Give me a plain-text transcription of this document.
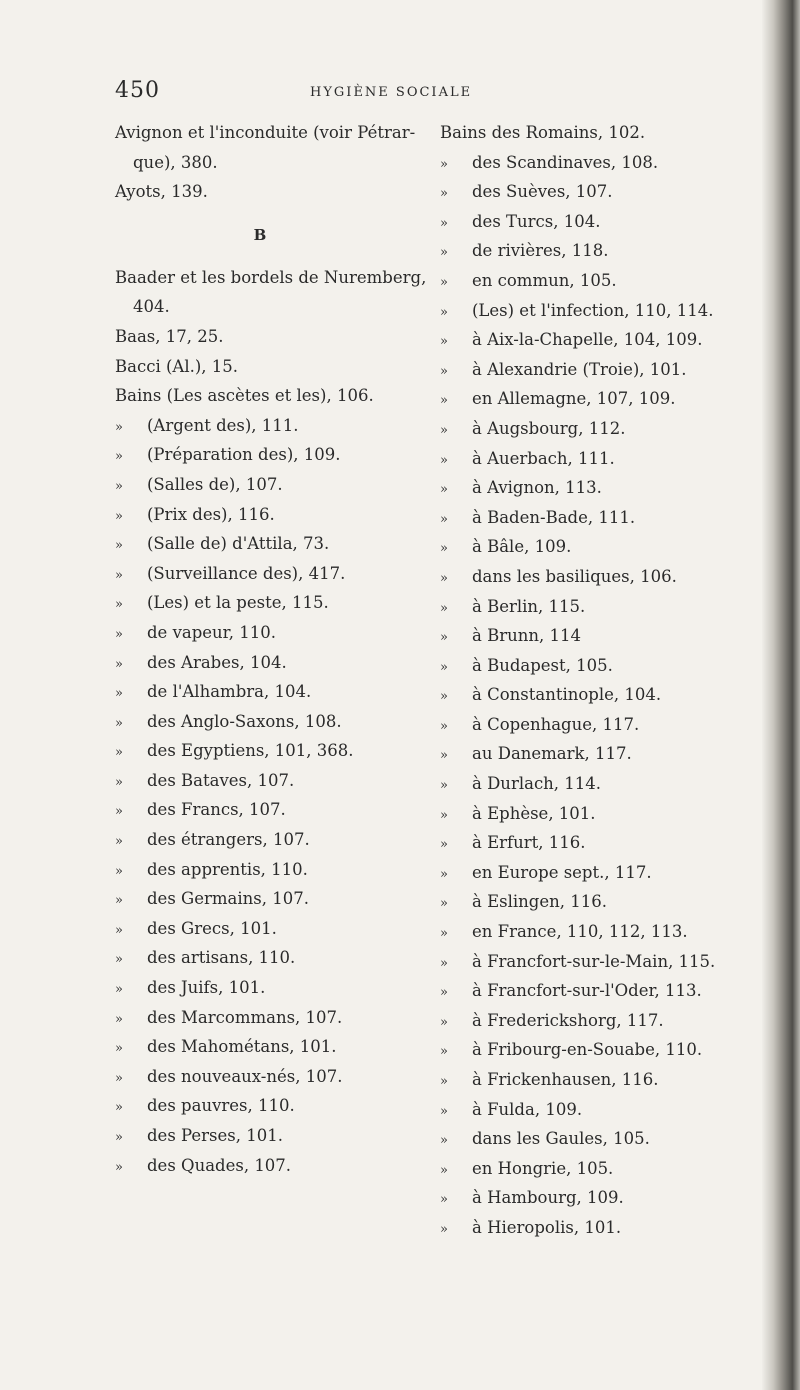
450	HYGIÈNE SOCIALE
Avignon et l'inconduite (voir Pétrar-
que), 380.
Ayots, 139.
B
Baader et les bordels de Nuremberg,
404.
Baas, 17, 25.
Bacci (Al.), 15.
Bains (Les ascètes et les), 106.
» (Argent des), 111.
» (Préparation des), 109.
» (Salles de), 107.
» (Prix des), 116.
» (Salle de) d'Attila, 73.
» (Surveillance des), 417.
» (Les) et la peste, 115.
» de vapeur, 110.
» des Arabes, 104.
» de l'Alhambra, 104.
» des Anglo-Saxons, 108.
» des Egyptiens, 101, 368.
» des Bataves, 107.
» des Francs, 107.
» des étrangers, 107.
» des apprentis, 110.
» des Germains, 107.
» des Grecs, 101.
» des artisans, 110.
» des Juifs, 101.
» des Marcommans, 107.
» des Mahométans, 101.
» des nouveaux-nés, 107.
» des pauvres, 110.
» des Perses, 101.
» des Quades, 107.
Bains des Romains, 102.
» des Scandinaves, 108.
» des Suèves, 107.
» des Turcs, 104.
» de rivières, 118.
» en commun, 105.
» (Les) et l'infection, 110, 114.
» à Aix-la-Chapelle, 104, 109.
» à Alexandrie (Troie), 101.
» en Allemagne, 107, 109.
» à Augsbourg, 112.
» à Auerbach, 111.
» à Avignon, 113.
» à Baden-Bade, 111.
» à Bâle, 109.
» dans les basiliques, 106.
» à Berlin, 115.
» à Brunn, 114
» à Budapest, 105.
» à Constantinople, 104.
» à Copenhague, 117.
» au Danemark, 117.
» à Durlach, 114.
» à Ephèse, 101.
» à Erfurt, 116.
» en Europe sept., 117.
» à Eslingen, 116.
» en France, 110, 112, 113.
» à Francfort-sur-le-Main, 115.
» à Francfort-sur-l'Oder, 113.
» à Frederickshorg, 117.
» à Fribourg-en-Souabe, 110.
» à Frickenhausen, 116.
» à Fulda, 109.
» dans les Gaules, 105.
» en Hongrie, 105.
» à Hambourg, 109.
» à Hieropolis, 101.
